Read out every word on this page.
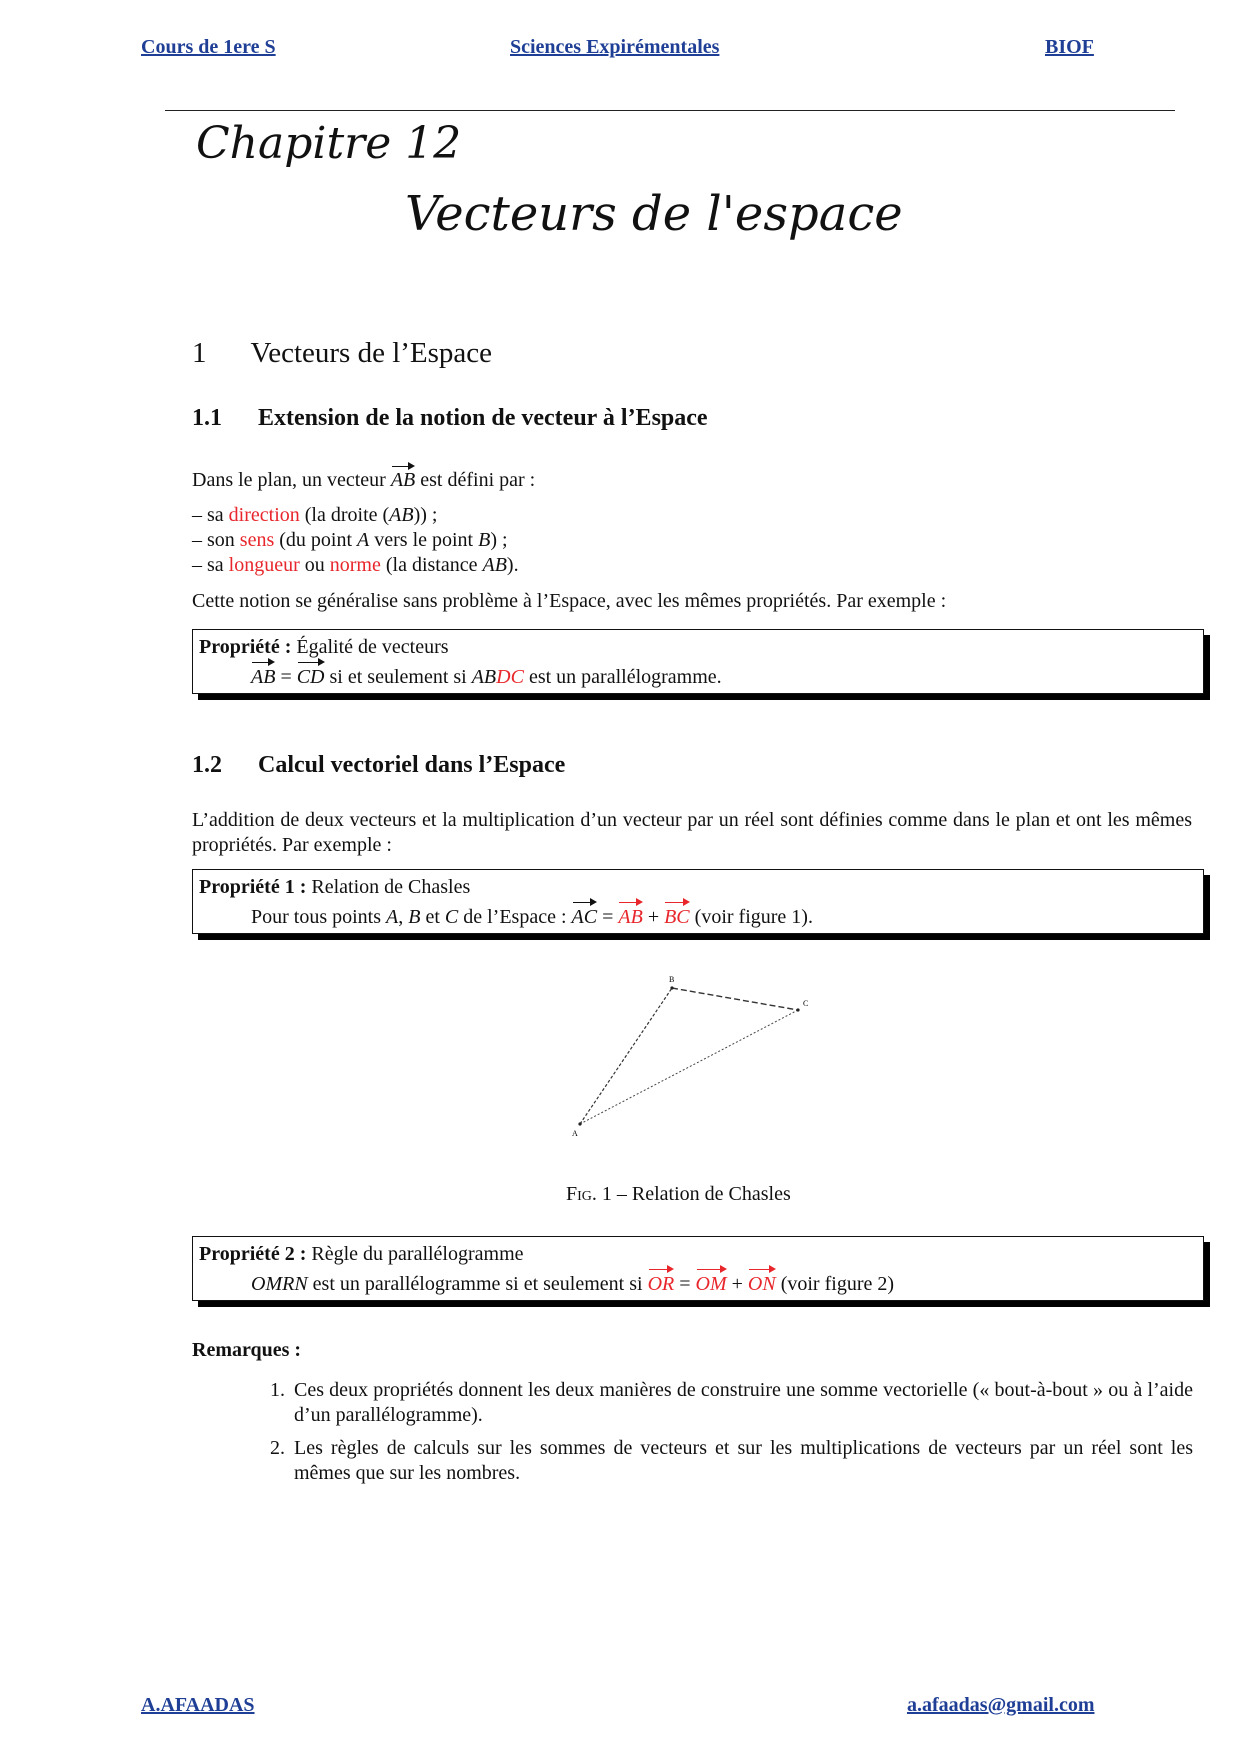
Cours de 1ere S	Sciences Expirémentales	BIOF
Chapitre 12
Vecteurs de l'espace
1 Vecteurs de l’Espace
1.1 Extension de la notion de vecteur à l’Espace
Dans le plan, un vecteur AB est défini par :
– sa direction (la droite (AB)) ;
– son sens (du point A vers le point B) ;
– sa longueur ou norme (la distance AB).
Cette notion se généralise sans problème à l’Espace, avec les mêmes propriétés. Par exemple :
Propriété : Égalité de vecteurs
AB = CD si et seulement si ABDC est un parallélogramme.
1.2 Calcul vectoriel dans l’Espace
L’addition de deux vecteurs et la multiplication d’un vecteur par un réel sont définies comme dans le plan et ont les mêmes propriétés. Par exemple :
Propriété 1 : Relation de Chasles
Pour tous points A, B et C de l’Espace : AC = AB + BC (voir figure 1).
A
B
C
Fig. 1 – Relation de Chasles
Propriété 2 : Règle du parallélogramme
OMRN est un parallélogramme si et seulement si OR = OM + ON (voir figure 2)
Remarques :
1. Ces deux propriétés donnent les deux manières de construire une somme vectorielle (« bout-à-bout » ou à l’aide d’un parallélogramme).
2. Les règles de calculs sur les sommes de vecteurs et sur les multiplications de vecteurs par un réel sont les mêmes que sur les nombres.
A.AFAADAS	a.afaadas@gmail.com
